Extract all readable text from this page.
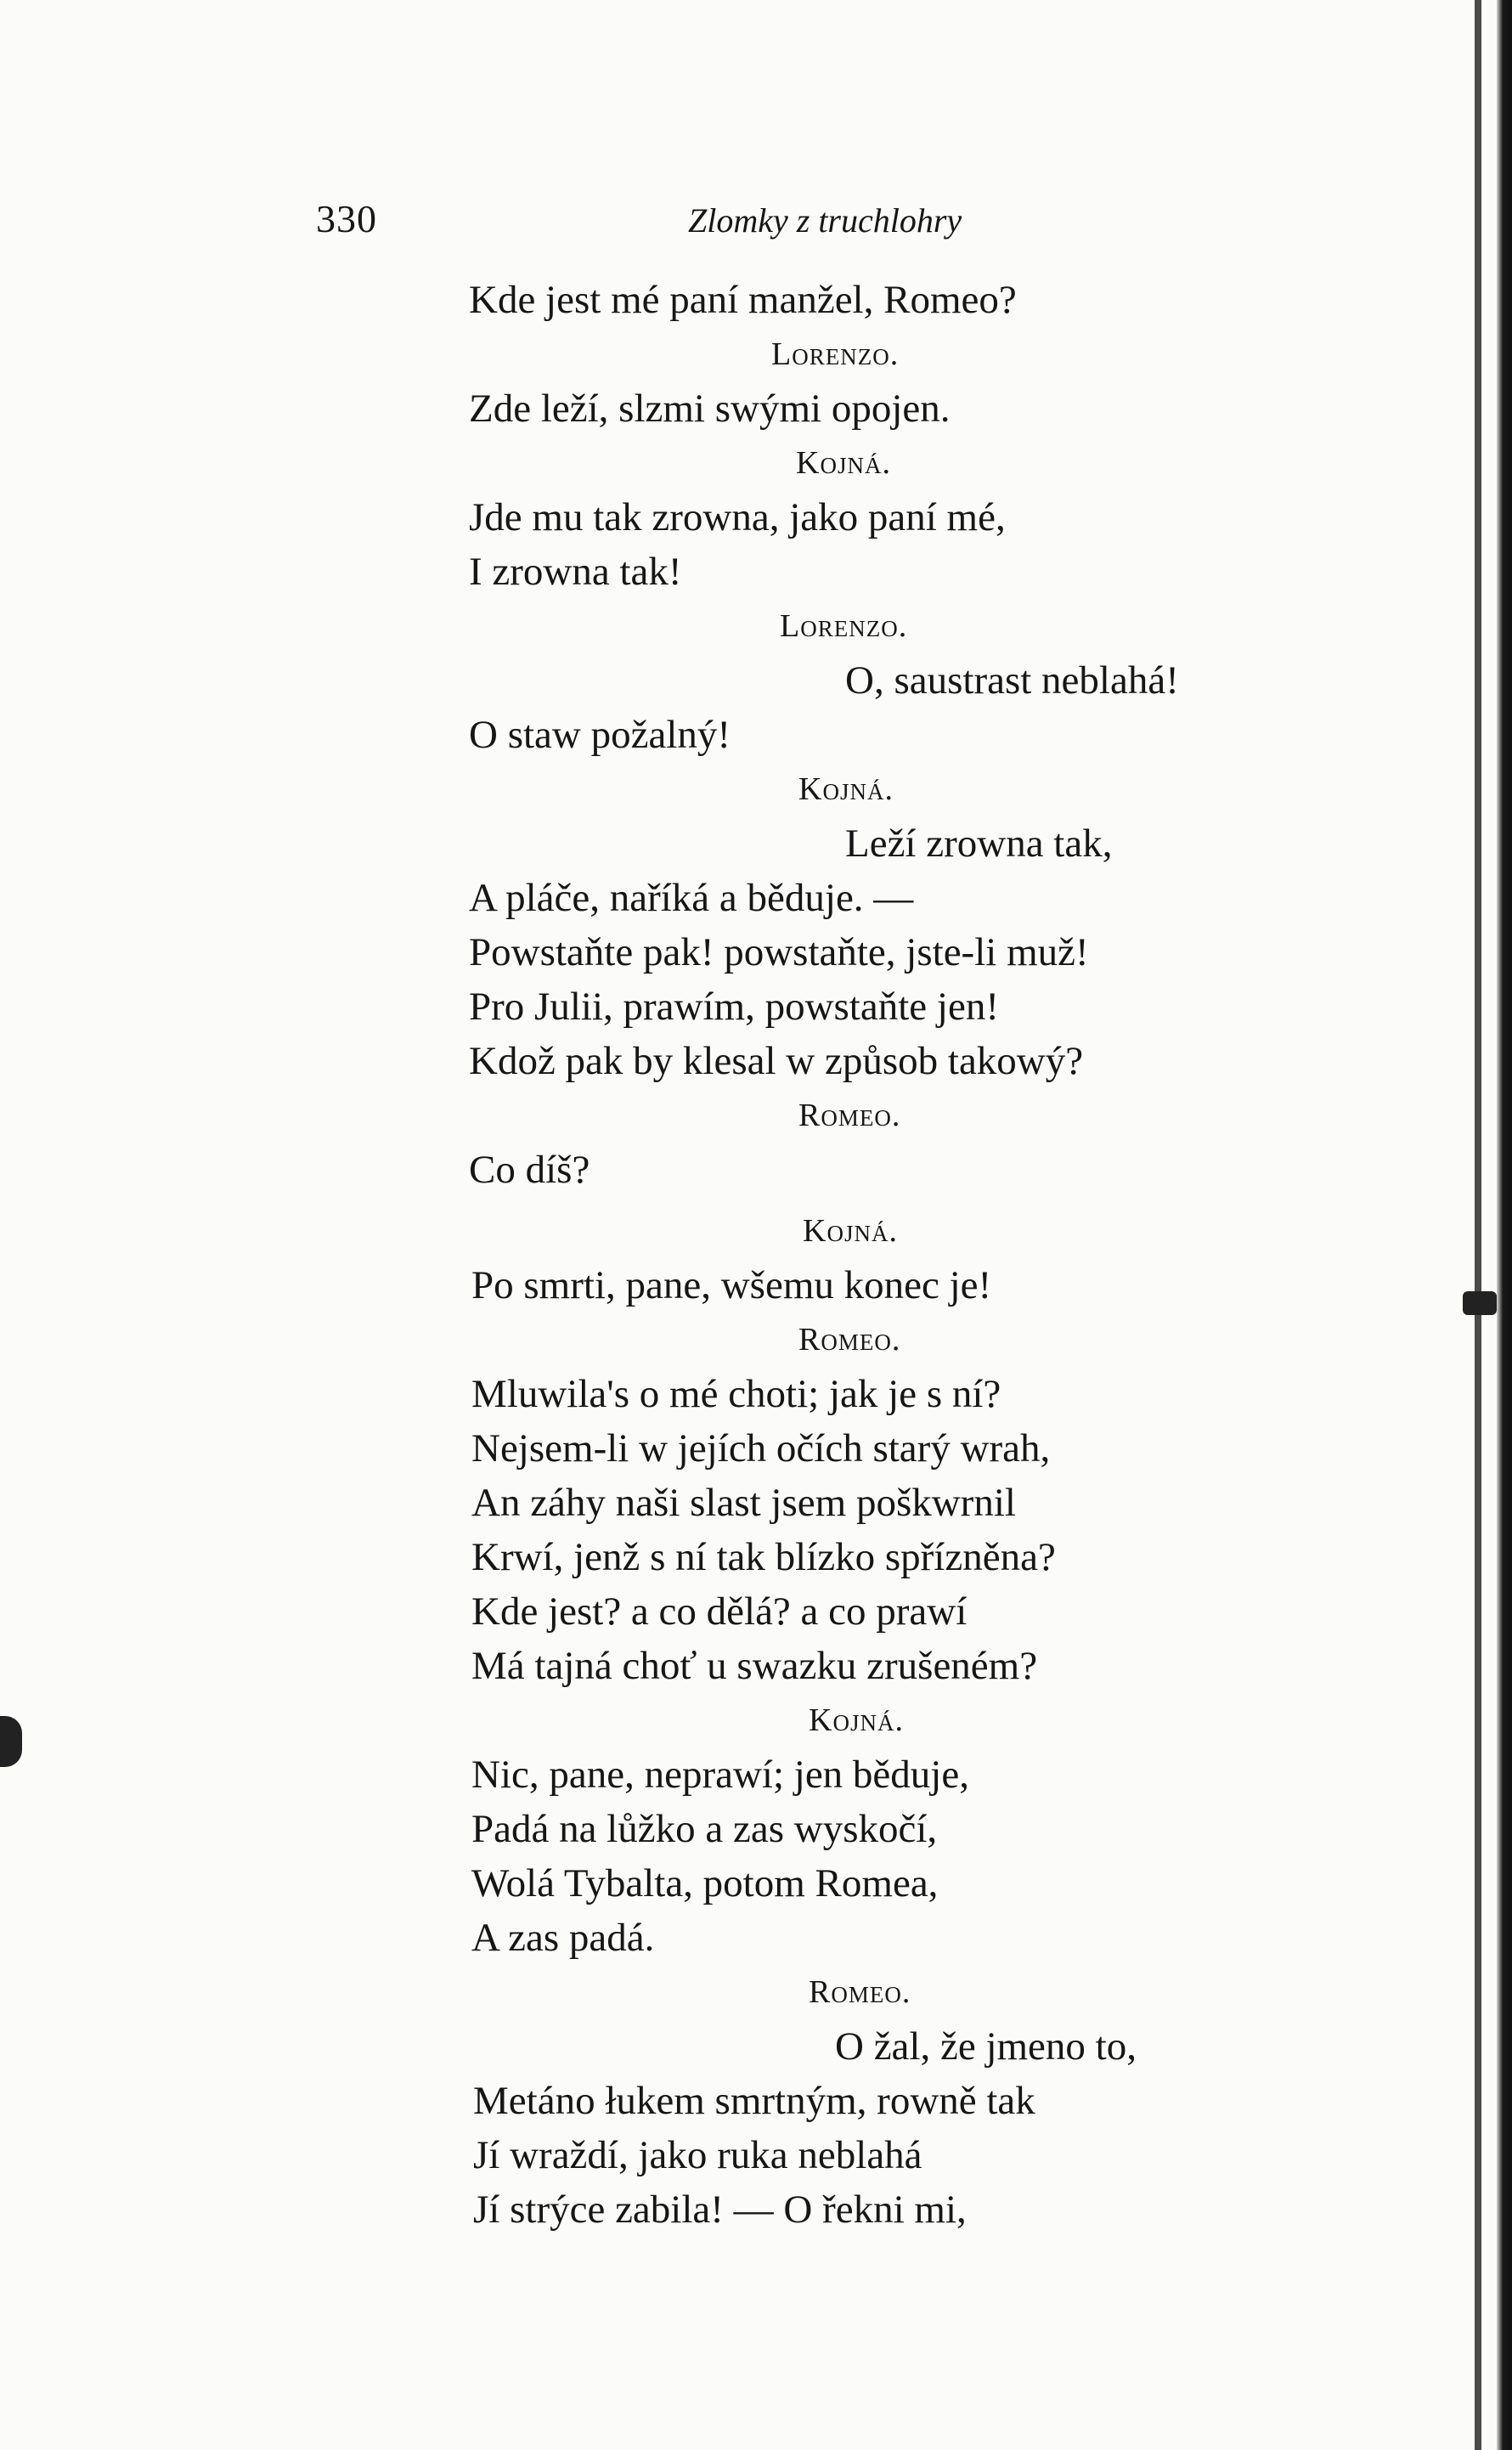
330	Zlomky z truchlohry
Kde jest mé paní manžel, Romeo?
Lorenzo.
Zde leží, slzmi swými opojen.
Kojná.
Jde mu tak zrowna, jako paní mé,
I zrowna tak!
Lorenzo.
O, saustrast neblahá!
O staw požalný!
Kojná.
Leží zrowna tak,
A pláče, naříká a běduje. —
Powstaňte pak! powstaňte, jste-li muž!
Pro Julii, prawím, powstaňte jen!
Kdož pak by klesal w způsob takowý?
Romeo.
Co díš?
Kojná.
Po smrti, pane, wšemu konec je!
Romeo.
Mluwila's o mé choti; jak je s ní?
Nejsem-li w jejích očích starý wrah,
An záhy naši slast jsem poškwrnil
Krwí, jenž s ní tak blízko spřízněna?
Kde jest? a co dělá? a co prawí
Má tajná choť u swazku zrušeném?
Kojná.
Nic, pane, neprawí; jen běduje,
Padá na lůžko a zas wyskočí,
Wolá Tybalta, potom Romea,
A zas padá.
Romeo.
O žal, že jmeno to,
Metáno łukem smrtným, rowně tak
Jí wraždí, jako ruka neblahá
Jí strýce zabila! — O řekni mi,
